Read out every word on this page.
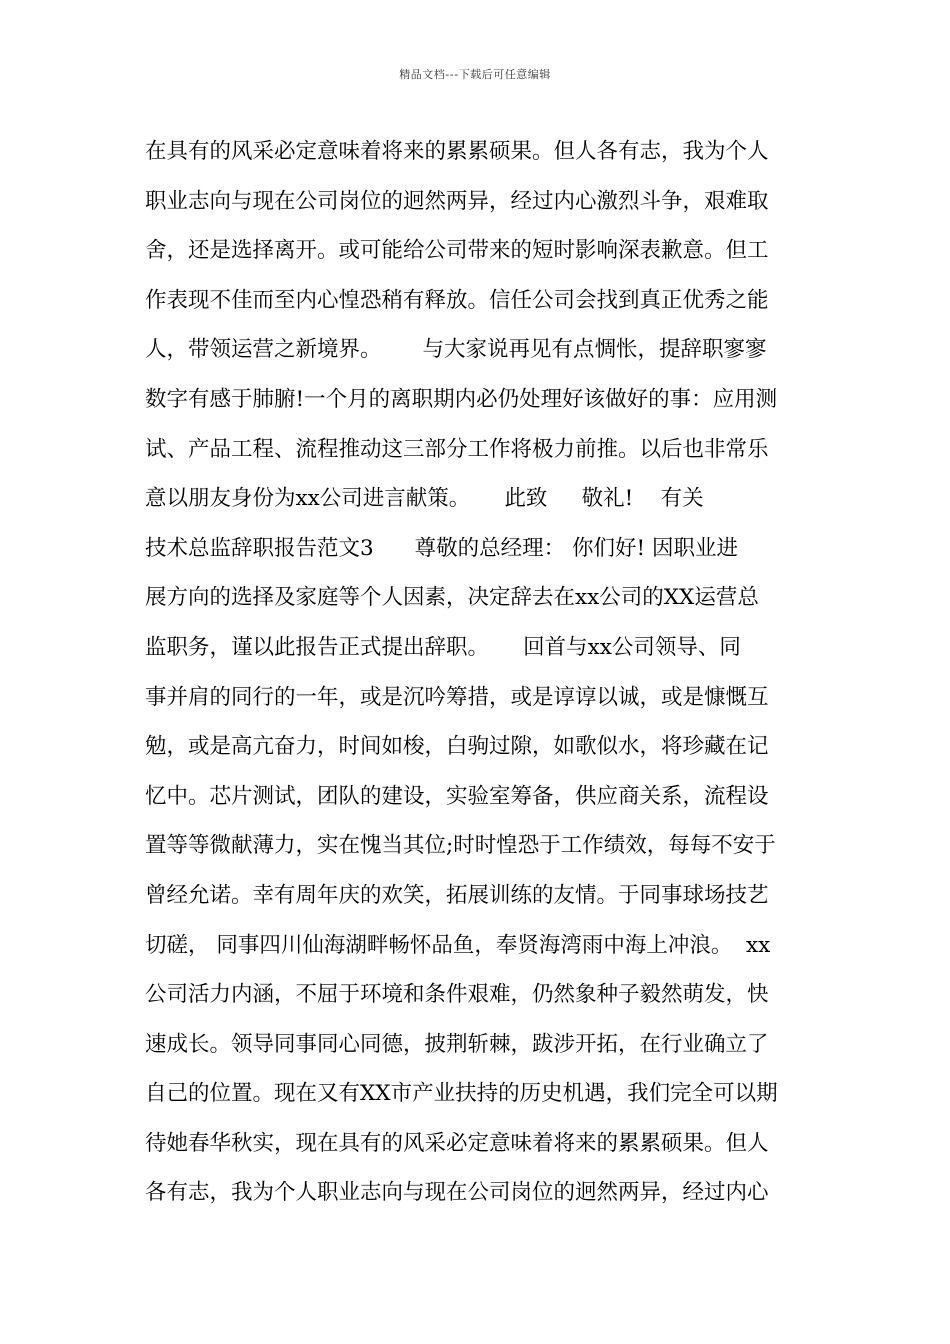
精品文档---下载后可任意编辑
在具有的风采必定意味着将来的累累硕果。但人各有志，我为个人
职业志向与现在公司岗位的迥然两异，经过内心激烈斗争，艰难取
舍，还是选择离开。或可能给公司带来的短时影响深表歉意。但工
作表现不佳而至内心惶恐稍有释放。信任公司会找到真正优秀之能
人，带领运营之新境界。      与大家说再见有点惆怅，提辞职寥寥
数字有感于肺腑!一个月的离职期内必仍处理好该做好的事：应用测
试、产品工程、流程推动这三部分工作将极力前推。以后也非常乐
意以朋友身份为xx公司进言献策。     此致     敬礼!    有关
技术总监辞职报告范文3      尊敬的总经理： 你们好! 因职业进
展方向的选择及家庭等个人因素，决定辞去在xx公司的XX运营总
监职务，谨以此报告正式提出辞职。     回首与xx公司领导、同
事并肩的同行的一年，或是沉吟筹措，或是谆谆以诚，或是慷慨互
勉，或是高亢奋力，时间如梭，白驹过隙，如歌似水，将珍藏在记
忆中。芯片测试，团队的建设，实验室筹备，供应商关系，流程设
置等等微献薄力，实在愧当其位;时时惶恐于工作绩效，每每不安于
曾经允诺。幸有周年庆的欢笑，拓展训练的友情。于同事球场技艺
切磋， 同事四川仙海湖畔畅怀品鱼，奉贤海湾雨中海上冲浪。  xx
公司活力内涵，不屈于环境和条件艰难，仍然象种子毅然萌发，快
速成长。领导同事同心同德，披荆斩棘，跋涉开拓，在行业确立了
自己的位置。现在又有XX市产业扶持的历史机遇，我们完全可以期
待她春华秋实，现在具有的风采必定意味着将来的累累硕果。但人
各有志，我为个人职业志向与现在公司岗位的迥然两异，经过内心
